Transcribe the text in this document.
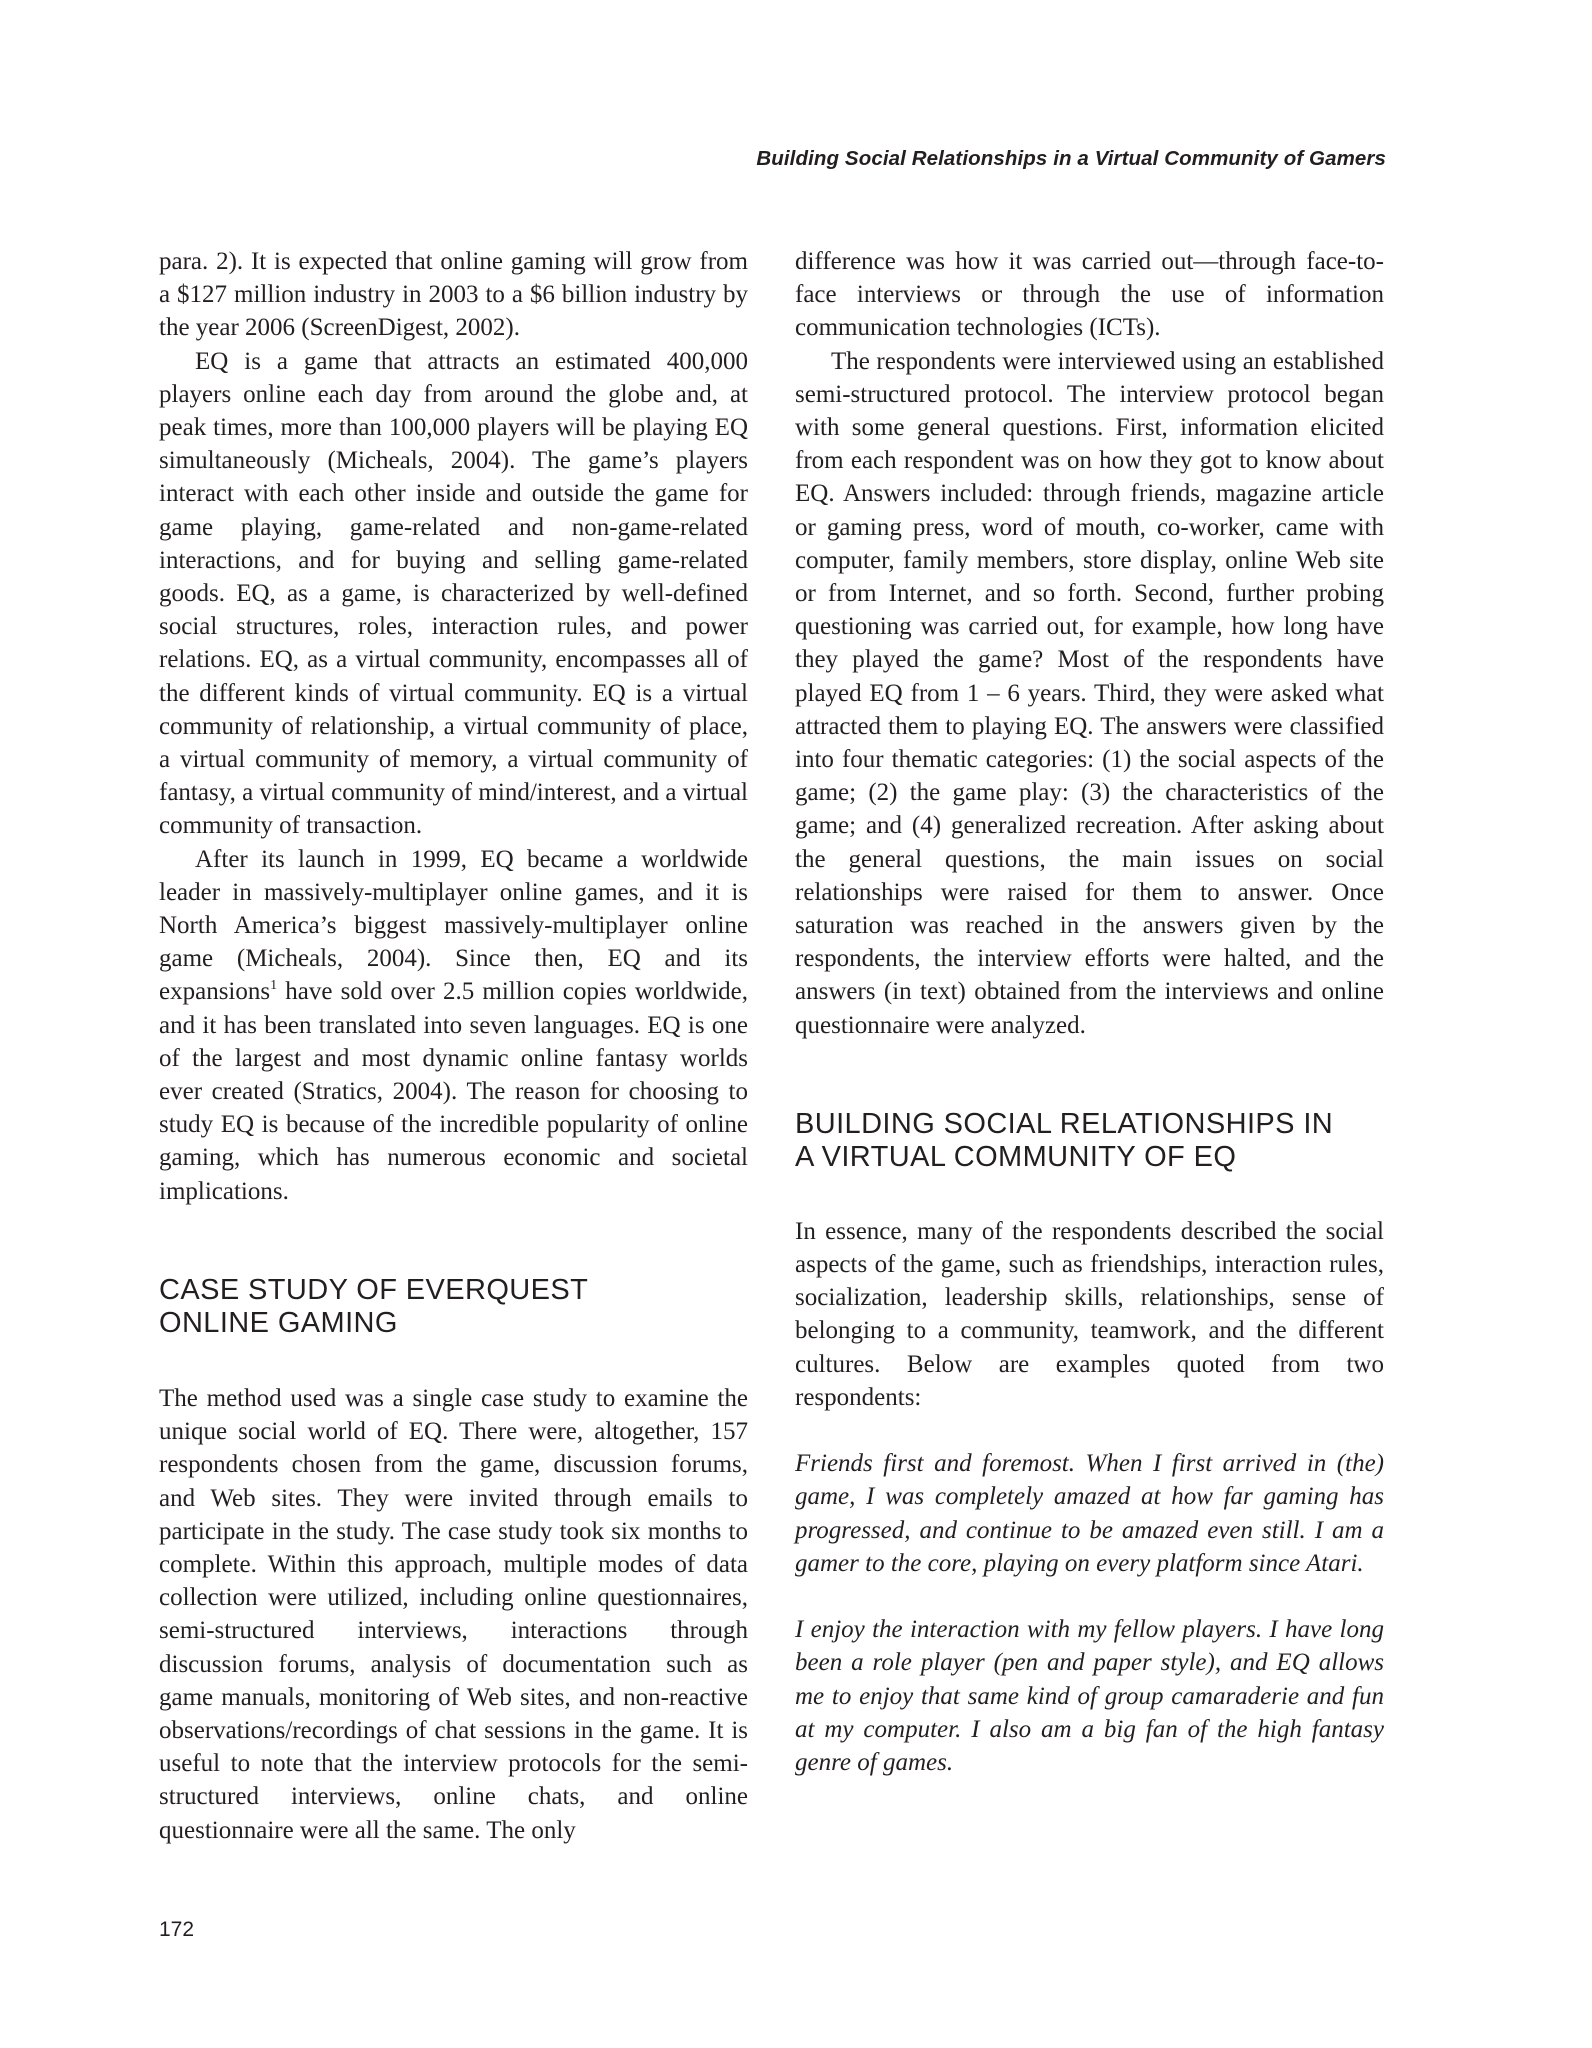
Building Social Relationships in a Virtual Community of Gamers

para. 2). It is expected that online gaming will grow from a $127 million industry in 2003 to a $6 billion industry by the year 2006 (ScreenDigest, 2002).

EQ is a game that attracts an estimated 400,000 players online each day from around the globe and, at peak times, more than 100,000 players will be playing EQ simultaneously (Micheals, 2004). The game’s players interact with each other inside and outside the game for game playing, game-related and non-game-related interactions, and for buying and selling game-related goods. EQ, as a game, is characterized by well-defined social structures, roles, interaction rules, and power relations. EQ, as a virtual community, encompasses all of the different kinds of virtual community. EQ is a virtual community of relationship, a virtual community of place, a virtual community of memory, a virtual community of fantasy, a virtual community of mind/interest, and a virtual community of transaction.

After its launch in 1999, EQ became a worldwide leader in massively-multiplayer online games, and it is North America’s biggest massively-multiplayer online game (Micheals, 2004). Since then, EQ and its expansions$^1$ have sold over 2.5 million copies worldwide, and it has been translated into seven languages. EQ is one of the largest and most dynamic online fantasy worlds ever created (Stratics, 2004). The reason for choosing to study EQ is because of the incredible popularity of online gaming, which has numerous economic and societal implications.

CASE STUDY OF EVERQUEST
ONLINE GAMING

The method used was a single case study to examine the unique social world of EQ. There were, altogether, 157 respondents chosen from the game, discussion forums, and Web sites. They were invited through emails to participate in the study. The case study took six months to complete. Within this approach, multiple modes of data collection were utilized, including online questionnaires, semi-structured interviews, interactions through discussion forums, analysis of documentation such as game manuals, monitoring of Web sites, and non-reactive observations/recordings of chat sessions in the game. It is useful to note that the interview protocols for the semi-structured interviews, online chats, and online questionnaire were all the same. The only

difference was how it was carried out—through face-to-face interviews or through the use of information communication technologies (ICTs).

The respondents were interviewed using an established semi-structured protocol. The interview protocol began with some general questions. First, information elicited from each respondent was on how they got to know about EQ. Answers included: through friends, magazine article or gaming press, word of mouth, co-worker, came with computer, family members, store display, online Web site or from Internet, and so forth. Second, further probing questioning was carried out, for example, how long have they played the game? Most of the respondents have played EQ from 1 – 6 years. Third, they were asked what attracted them to playing EQ. The answers were classified into four thematic categories: (1) the social aspects of the game; (2) the game play: (3) the characteristics of the game; and (4) generalized recreation. After asking about the general questions, the main issues on social relationships were raised for them to answer. Once saturation was reached in the answers given by the respondents, the interview efforts were halted, and the answers (in text) obtained from the interviews and online questionnaire were analyzed.

BUILDING SOCIAL RELATIONSHIPS IN
A VIRTUAL COMMUNITY OF EQ

In essence, many of the respondents described the social aspects of the game, such as friendships, interaction rules, socialization, leadership skills, relationships, sense of belonging to a community, teamwork, and the different cultures. Below are examples quoted from two respondents:

Friends first and foremost. When I first arrived in (the) game, I was completely amazed at how far gaming has progressed, and continue to be amazed even still. I am a gamer to the core, playing on every platform since Atari.

I enjoy the interaction with my fellow players. I have long been a role player (pen and paper style), and EQ allows me to enjoy that same kind of group camaraderie and fun at my computer. I also am a big fan of the high fantasy genre of games.

172
